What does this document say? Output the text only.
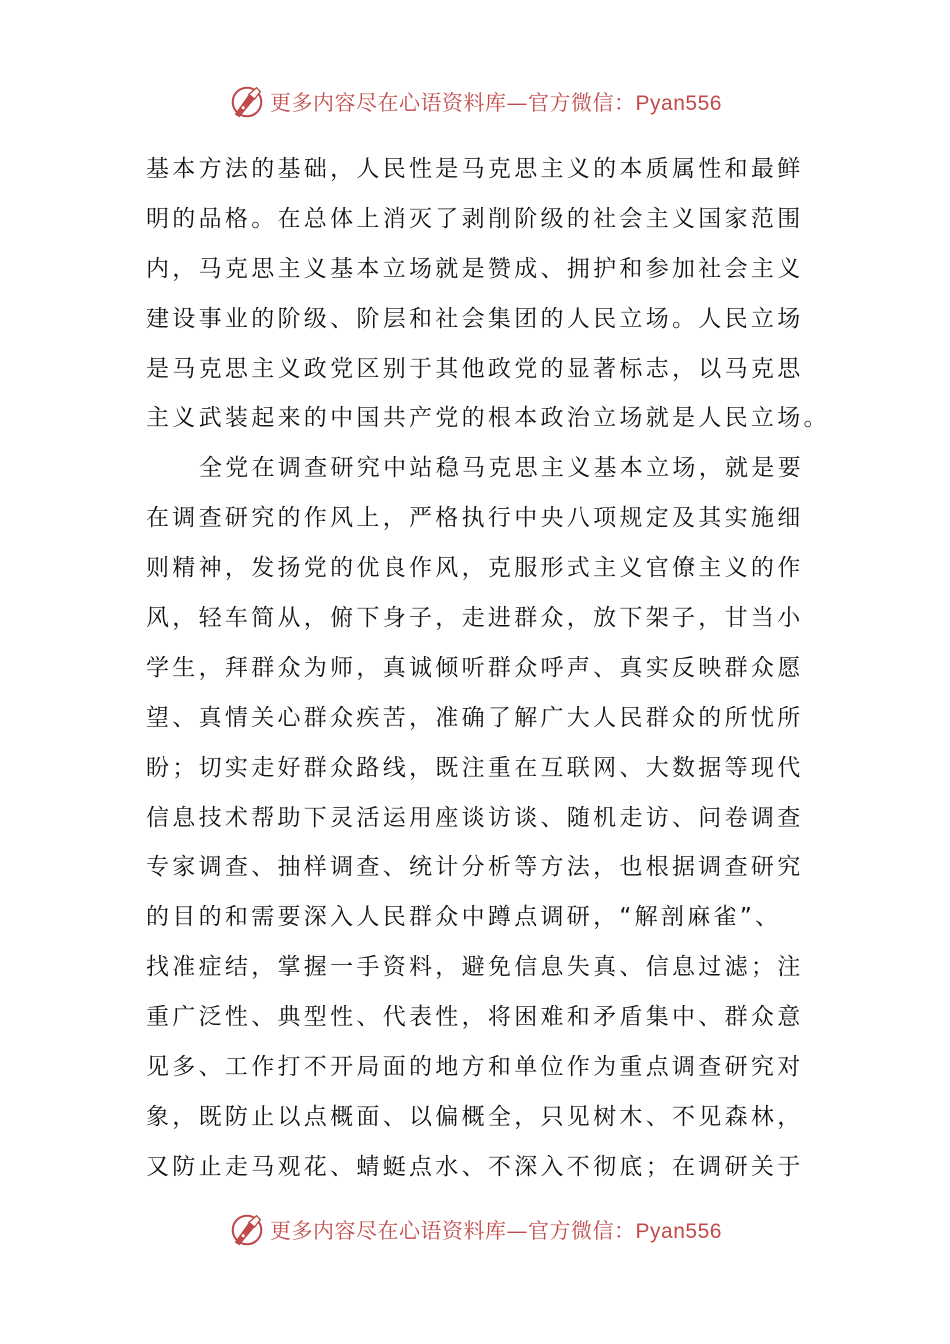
更多内容尽在心语资料库—官方微信：Pyan556
基本方法的基础，人民性是马克思主义的本质属性和最鲜
明的品格。在总体上消灭了剥削阶级的社会主义国家范围
内，马克思主义基本立场就是赞成、拥护和参加社会主义
建设事业的阶级、阶层和社会集团的人民立场。人民立场
是马克思主义政党区别于其他政党的显著标志，以马克思
主义武装起来的中国共产党的根本政治立场就是人民立场。
全党在调查研究中站稳马克思主义基本立场，就是要
在调查研究的作风上，严格执行中央八项规定及其实施细
则精神，发扬党的优良作风，克服形式主义官僚主义的作
风，轻车简从，俯下身子，走进群众，放下架子，甘当小
学生，拜群众为师，真诚倾听群众呼声、真实反映群众愿
望、真情关心群众疾苦，准确了解广大人民群众的所忧所
盼；切实走好群众路线，既注重在互联网、大数据等现代
信息技术帮助下灵活运用座谈访谈、随机走访、问卷调查
专家调查、抽样调查、统计分析等方法，也根据调查研究
的目的和需要深入人民群众中蹲点调研，“解剖麻雀”、
找准症结，掌握一手资料，避免信息失真、信息过滤；注
重广泛性、典型性、代表性，将困难和矛盾集中、群众意
见多、工作打不开局面的地方和单位作为重点调查研究对
象，既防止以点概面、以偏概全，只见树木、不见森林，
又防止走马观花、蜻蜓点水、不深入不彻底；在调研关于
更多内容尽在心语资料库—官方微信：Pyan556
